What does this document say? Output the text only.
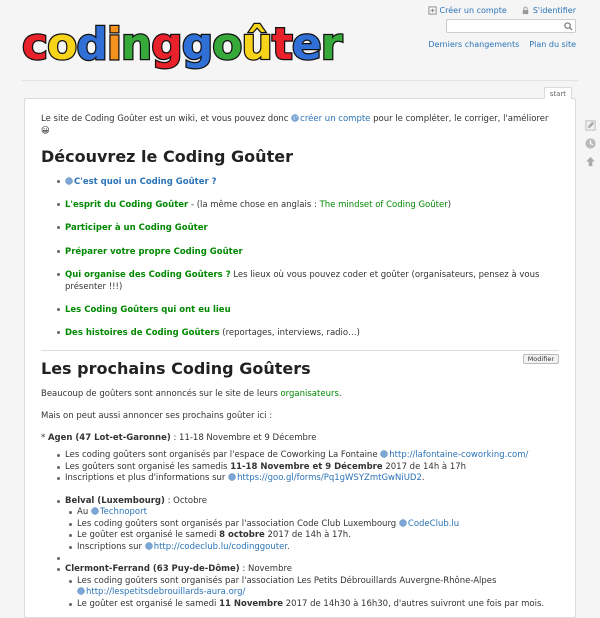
c o d i n g g o û t e r
Créer un compte	S'identifier
Derniers changements Plan du site
start

Le site de Coding Goûter est un wiki, et vous pouvez donc créer un compte pour le compléter, le corriger, l'améliorer 😀

Découvrez le Coding Goûter
C'est quoi un Coding Goûter ?
L'esprit du Coding Goûter - (la même chose en anglais : The mindset of Coding Goûter)
Participer à un Coding Goûter
Préparer votre propre Coding Goûter
Qui organise des Coding Goûters ? Les lieux où vous pouvez coder et goûter (organisateurs, pensez à vous présenter !!!)
Les Coding Goûters qui ont eu lieu
Des histoires de Coding Goûters (reportages, interviews, radio…)
Modifier
Les prochains Coding Goûters

Beaucoup de goûters sont annoncés sur le site de leurs organisateurs.

Mais on peut aussi annoncer ses prochains goûter ici :

* Agen (47 Lot-et-Garonne) : 11-18 Novembre et 9 Décembre

Les coding goûters sont organisés par l'espace de Coworking La Fontaine http://lafontaine-coworking.com/
Les goûters sont organisé les samedis 11-18 Novembre et 9 Décembre 2017 de 14h à 17h
Inscriptions et plus d'informations sur https://goo.gl/forms/Pq1gWSYZmtGwNiUD2.
Belval (Luxembourg) : Octobre
Au Technoport
Les coding goûters sont organisés par l'association Code Club Luxembourg CodeClub.lu
Le goûter est organisé le samedi 8 octobre 2017 de 14h à 17h.
Inscriptions sur http://codeclub.lu/codinggouter.
Clermont-Ferrand (63 Puy-de-Dôme) : Novembre
Les coding goûters sont organisés par l'association Les Petits Débrouillards Auvergne-Rhône-Alpes
http://lespetitsdebrouillards-aura.org/
Le goûter est organisé le samedi 11 Novembre 2017 de 14h30 à 16h30, d'autres suivront une fois par mois.
